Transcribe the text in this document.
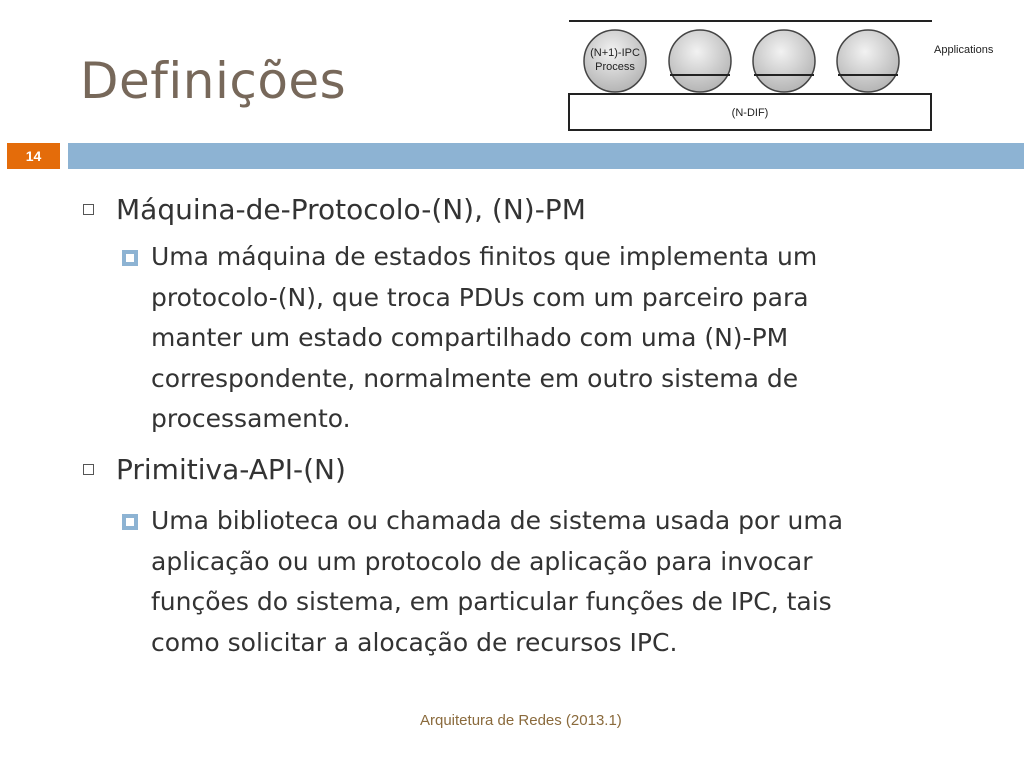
Definições	(N+1)-IPC
Process
Applications
(N-DIF)
14
Máquina-de-Protocolo-(N), (N)-PM
Uma máquina de estados finitos que implementa um
protocolo-(N), que troca PDUs com um parceiro para
manter um estado compartilhado com uma (N)-PM
correspondente, normalmente em outro sistema de
processamento.
Primitiva-API-(N)
Uma biblioteca ou chamada de sistema usada por uma
aplicação ou um protocolo de aplicação para invocar
funções do sistema, em particular funções de IPC, tais
como solicitar a alocação de recursos IPC.
Arquitetura de Redes (2013.1)
